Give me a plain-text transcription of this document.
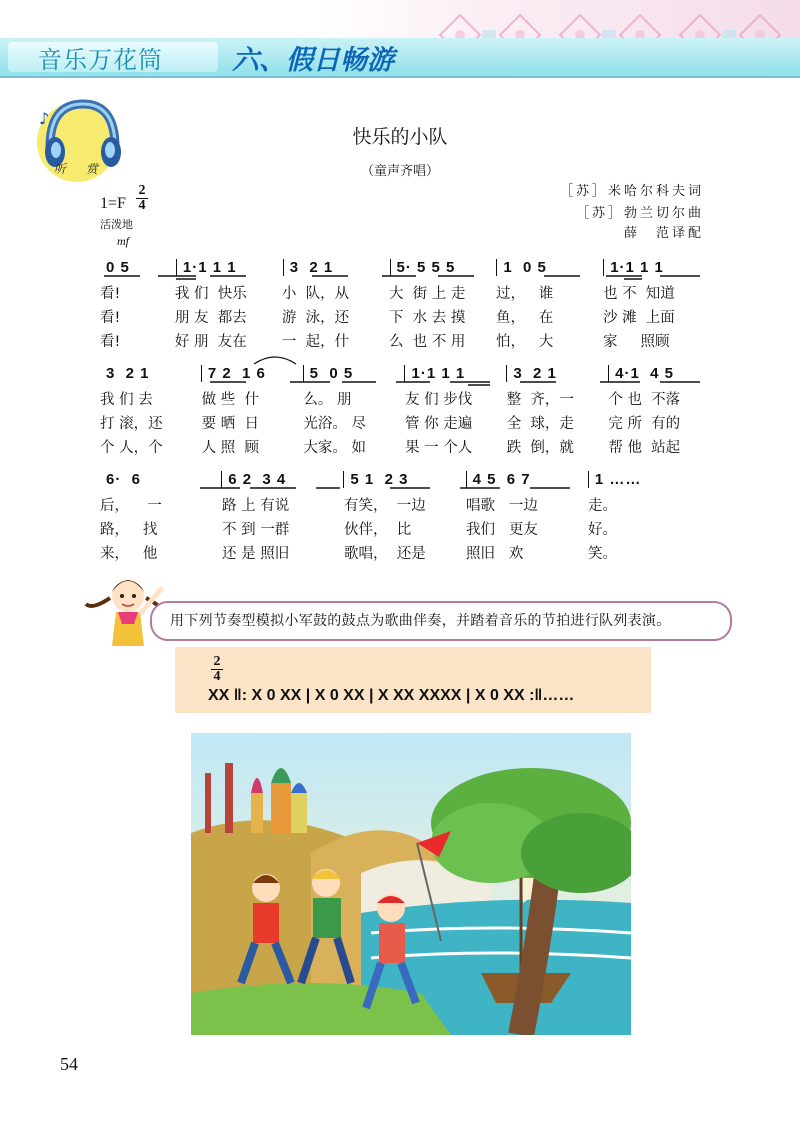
音乐万花筒	六、假日畅游
♪
听 赏
快乐的小队
（童声齐唱）
［苏］米哈尔科夫词
［苏］勃兰切尔曲
薛　范译配
1=F
2
4
活泼地
mf
0 5	1·1 1 1	3  2 1	5· 5 5 5	1  0 5	1·1 1 1
看!	我 们  快乐	小  队，从	大  街 上 走	过，   谁	也 不  知道
看!	朋 友  都去	游  泳，还	下  水 去 摸	鱼，   在	沙 滩  上面
看!	好 朋  友在	一  起，什	么  也 不 用	怕，   大	家     照顾
3  2 1	7 2  1 6	5  0 5	1·1 1 1	3  2 1	4·1  4 5
我 们 去	做 些  什	么。 朋	友 们 步伐	整  齐，一	个 也  不落
打 滚，还	要 晒  日	光浴。 尽	管 你 走遍	全  球，走	完 所  有的
个 人，个	人 照  顾	大家。 如	果 一 个人	跌  倒，就	帮 他  站起
6·  6	6 2  3 4	5 1  2 3	4 5  6 7	1 ……
后，    一	路 上 有说	有笑，  一边	唱歌   一边	走。
路，   找	不 到 一群	伙伴，  比	我们   更友	好。
来，   他	还 是 照旧	歌唱，  还是	照旧   欢	笑。
用下列节奏型模拟小军鼓的鼓点为歌曲伴奏，并踏着音乐的节拍进行队列表演。
2
4
XX ‖: X 0 XX | X 0 XX | X XX XXXX | X 0 XX :‖……
54
